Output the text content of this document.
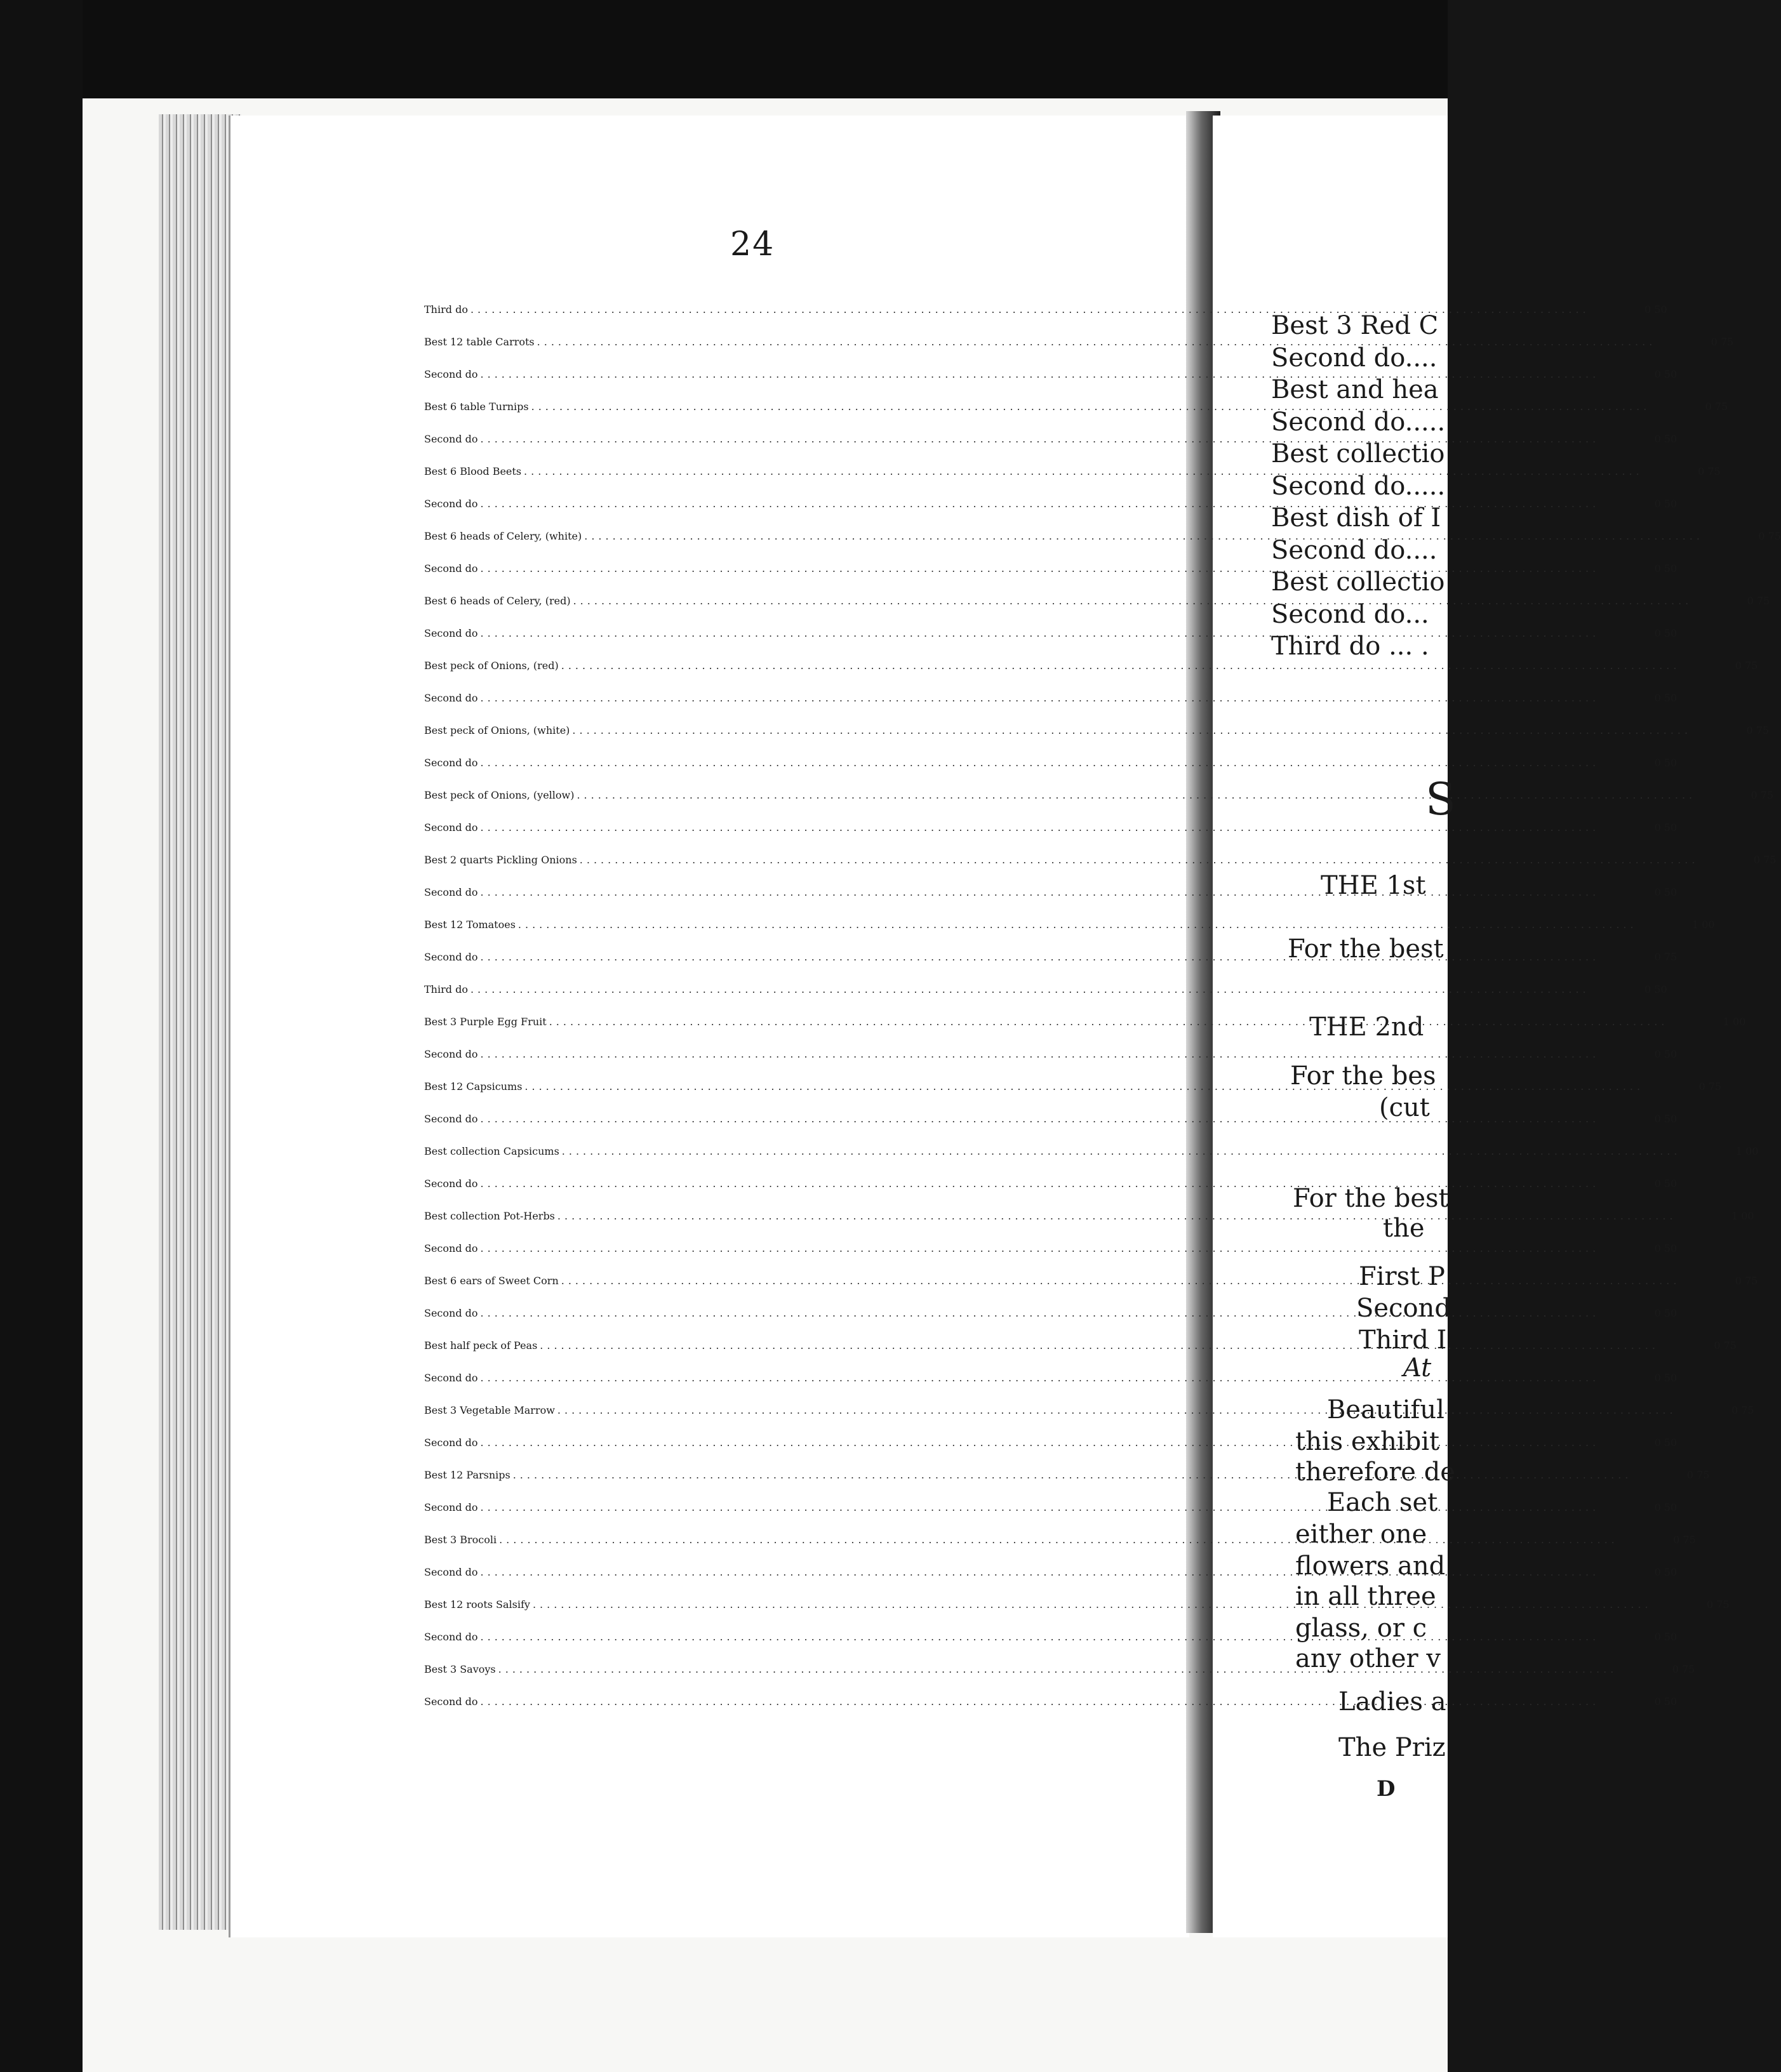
24
Third do .....	0 50
Best 12 table Carrots .....	0 75
Second do .....	0 50
Best 6 table Turnips .....	0 75
Second do .....	0 50
Best 6 Blood Beets .....	0 75
Second do .....	0 50
Best 6 heads of Celery, (white) .....	0 75
Second do .....	0 50
Best 6 heads of Celery, (red) .....	0 75
Second do .....	0 50
Best peck of Onions, (red) .....	0 75
Second do .....	0 50
Best peck of Onions, (white) .....	0 75
Second do .....	0 50
Best peck of Onions, (yellow) .....	0 75
Second do .....	0 50
Best 2 quarts Pickling Onions .....	0 75
Second do .....	0 50
Best 12 Tomatoes .....	1 00
Second do .....	0 75
Third do .....	0 50
Best 3 Purple Egg Fruit .....	1 00
Second do .....	0 50
Best 12 Capsicums .....	0 75
Second do .....	0 50
Best collection Capsicums .....	1 00
Second do .....	0 50
Best collection Pot-Herbs .....	1 00
Second do .....	0 50
Best 6 ears of Sweet Corn .....	0 75
Second do .....	0 50
Best half peck of Peas .....	0 75
Second do .....	0 50
Best 3 Vegetable Marrow .....	0 75
Second do .....	0 50
Best 12 Parsnips .....	0 75
Second do .....	0 50
Best 3 Brocoli .....	0 75
Second do .....	0 50
Best 12 roots Salsify .....	0 75
Second do .....	0 50
Best 3 Savoys .....	0 75
Second do .....	0 50
Best 3 Red C
Second do....
Best and hea
Second do.....
Best collectio
Second do.....
Best dish of I
Second do....
Best collectio
Second do...
Third do ... .
S
THE 1st
For the best
THE 2nd
For the bes
(cut
For the best
the
First P
Second
Third I
At
Beautiful
this exhibit
therefore de
Each set
either one
flowers and
in all three
glass, or c
any other v
Ladies a
The Priz
D
